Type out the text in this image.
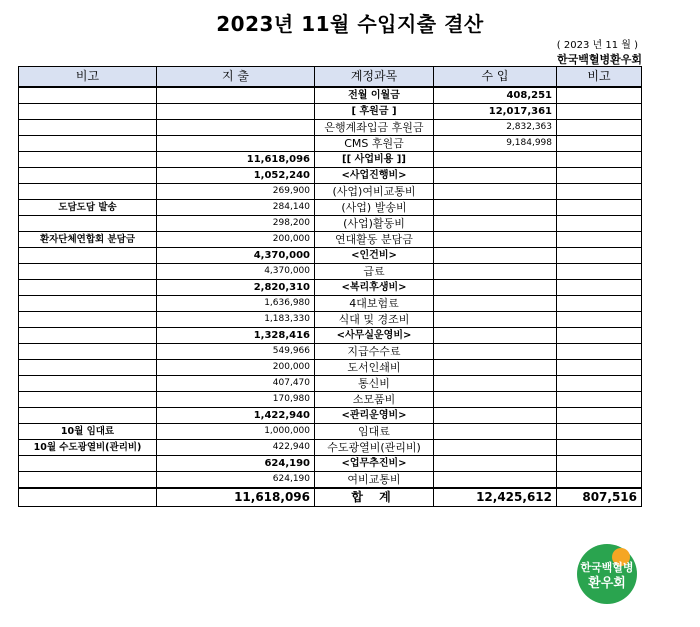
2023년 11월 수입지출 결산
( 2023 년 11 월 )
한국백혈병환우회
비고	지 출	계정과목	수 입	비고
		전월 이월금	408,251	
		[ 후원금 ]	12,017,361	
		은행계좌입금 후원금	2,832,363	
		CMS 후원금	9,184,998	
	11,618,096	[[ 사업비용 ]]		
	1,052,240	<사업진행비>		
	269,900	(사업)여비교통비		
도담도담 발송	284,140	(사업) 발송비		
	298,200	(사업)활동비		
환자단체연합회 분담금	200,000	연대활동 분담금		
	4,370,000	<인건비>		
	4,370,000	급료		
	2,820,310	<복리후생비>		
	1,636,980	4대보험료		
	1,183,330	식대 및 경조비		
	1,328,416	<사무실운영비>		
	549,966	지급수수료		
	200,000	도서인쇄비		
	407,470	통신비		
	170,980	소모품비		
	1,422,940	<관리운영비>		
10월 임대료	1,000,000	임대료		
10월 수도광열비(관리비)	422,940	수도광열비(관리비)		
	624,190	<업무추진비>		
	624,190	여비교통비		
	11,618,096	합 계	12,425,612	807,516
한국백혈병
환우회
